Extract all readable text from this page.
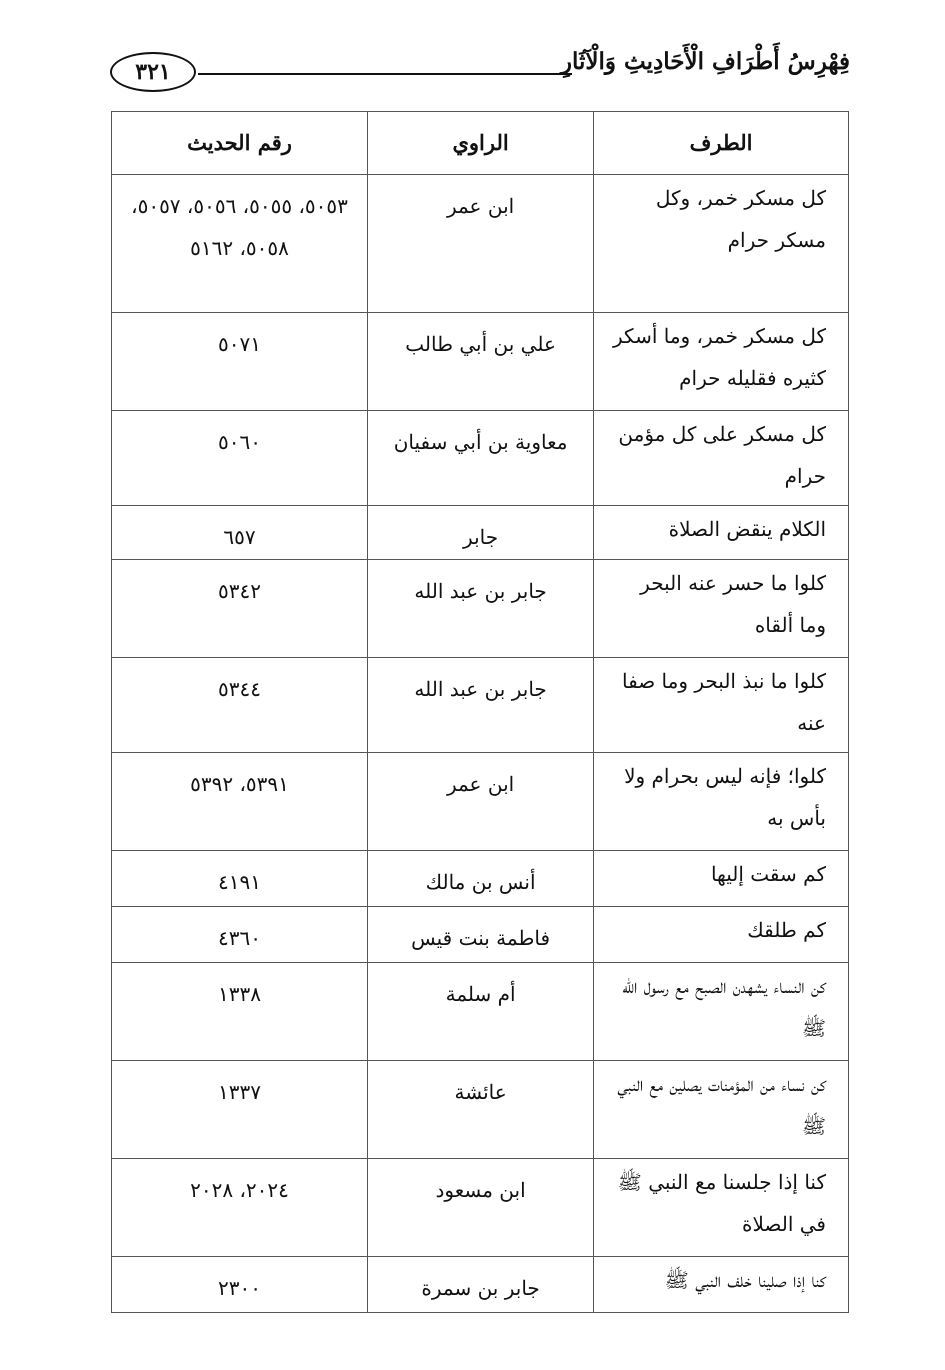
٣٢١	فِهْرِسُ أَطْرَافِ الْأَحَادِيثِ وَالْآثَارِ
الطرف	الراوي	رقم الحديث
كل مسكر خمر، وكل مسكر حرام	ابن عمر	٥٠٥٣، ٥٠٥٥، ٥٠٥٦، ٥٠٥٧، ٥٠٥٨، ٥١٦٢
كل مسكر خمر، وما أسكر كثيره فقليله حرام	علي بن أبي طالب	٥٠٧١
كل مسكر على كل مؤمن حرام	معاوية بن أبي سفيان	٥٠٦٠
الكلام ينقض الصلاة	جابر	٦٥٧
كلوا ما حسر عنه البحر وما ألقاه	جابر بن عبد الله	٥٣٤٢
كلوا ما نبذ البحر وما صفا عنه	جابر بن عبد الله	٥٣٤٤
كلوا؛ فإنه ليس بحرام ولا بأس به	ابن عمر	٥٣٩١، ٥٣٩٢
كم سقت إليها	أنس بن مالك	٤١٩١
كم طلقك	فاطمة بنت قيس	٤٣٦٠
كن النساء يشهدن الصبح مع رسول الله ﷺ	أم سلمة	١٣٣٨
كن نساء من المؤمنات يصلين مع النبي ﷺ	عائشة	١٣٣٧
كنا إذا جلسنا مع النبي ﷺ في الصلاة	ابن مسعود	٢٠٢٤، ٢٠٢٨
كنا إذا صلينا خلف النبي ﷺ	جابر بن سمرة	٢٣٠٠
